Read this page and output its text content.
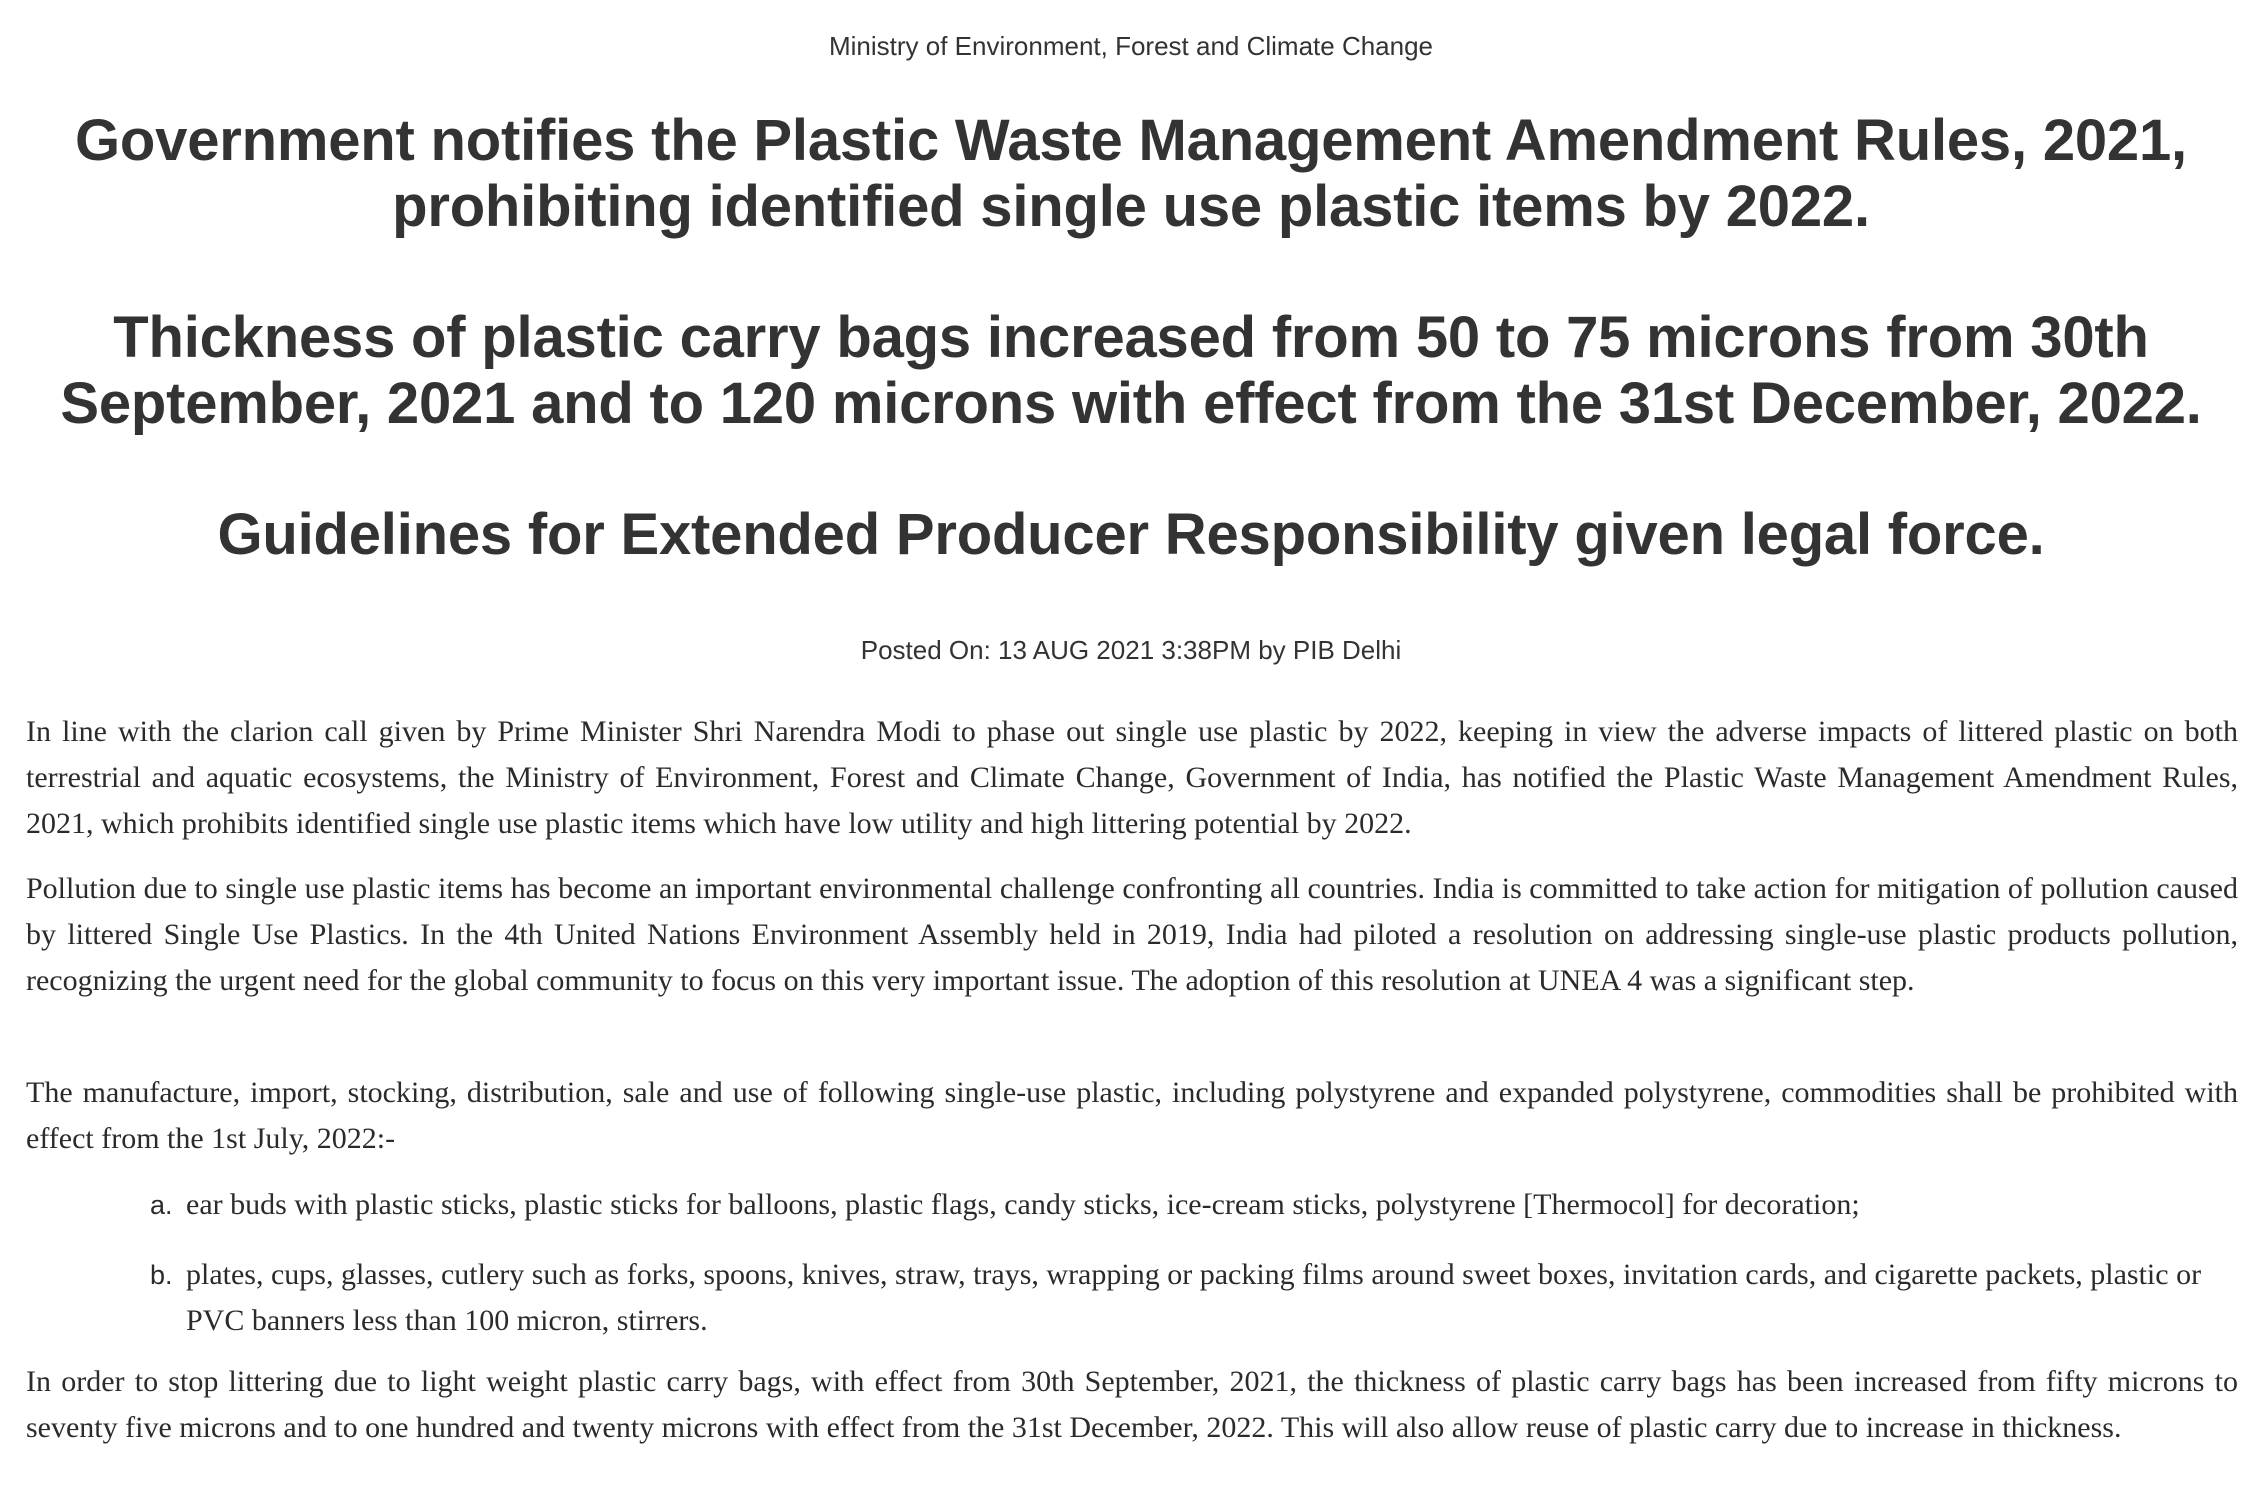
Ministry of Environment, Forest and Climate Change
Government notifies the Plastic Waste Management Amendment Rules, 2021, prohibiting identified single use plastic items by 2022.
Thickness of plastic carry bags increased from 50 to 75 microns from 30th September, 2021 and to 120 microns with effect from the 31st December, 2022.
Guidelines for Extended Producer Responsibility given legal force.
Posted On: 13 AUG 2021 3:38PM by PIB Delhi
In line with the clarion call given by Prime Minister Shri Narendra Modi to phase out single use plastic by 2022, keeping in view the adverse impacts of littered plastic on both terrestrial and aquatic ecosystems, the Ministry of Environment, Forest and Climate Change, Government of India, has notified the Plastic Waste Management Amendment Rules, 2021, which prohibits identified single use plastic items which have low utility and high littering potential by 2022.
Pollution due to single use plastic items has become an important environmental challenge confronting all countries. India is committed to take action for mitigation of pollution caused by littered Single Use Plastics. In the 4th United Nations Environment Assembly held in 2019, India had piloted a resolution on addressing single-use plastic products pollution, recognizing the urgent need for the global community to focus on this very important issue. The adoption of this resolution at UNEA 4 was a significant step.
The manufacture, import, stocking, distribution, sale and use of following single-use plastic, including polystyrene and expanded polystyrene, commodities shall be prohibited with effect from the 1st July, 2022:-
a. ear buds with plastic sticks, plastic sticks for balloons, plastic flags, candy sticks, ice-cream sticks, polystyrene [Thermocol] for decoration;
b. plates, cups, glasses, cutlery such as forks, spoons, knives, straw, trays, wrapping or packing films around sweet boxes, invitation cards, and cigarette packets, plastic or PVC banners less than 100 micron, stirrers.
In order to stop littering due to light weight plastic carry bags, with effect from 30th September, 2021, the thickness of plastic carry bags has been increased from fifty microns to seventy five microns and to one hundred and twenty microns with effect from the 31st December, 2022. This will also allow reuse of plastic carry due to increase in thickness.
